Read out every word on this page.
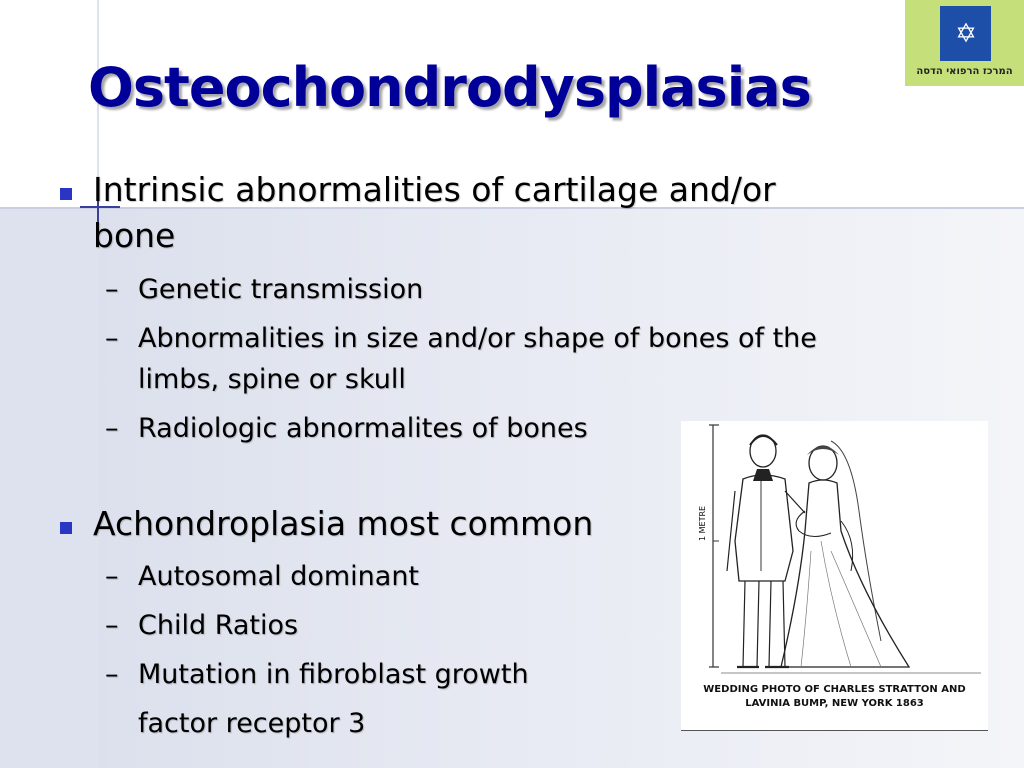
Osteochondrodysplasias
✡
המרכז הרפואי הדסה
Intrinsic abnormalities of cartilage and/or
bone
– Genetic transmission
– Abnormalities in size and/or shape of bones of the
limbs, spine or skull
– Radiologic abnormalites of bones
Achondroplasia most common
– Autosomal dominant
– Child Ratios
– Mutation in fibroblast growth
factor receptor 3
1 METRE
WEDDING PHOTO OF CHARLES STRATTON AND
LAVINIA BUMP, NEW YORK 1863
